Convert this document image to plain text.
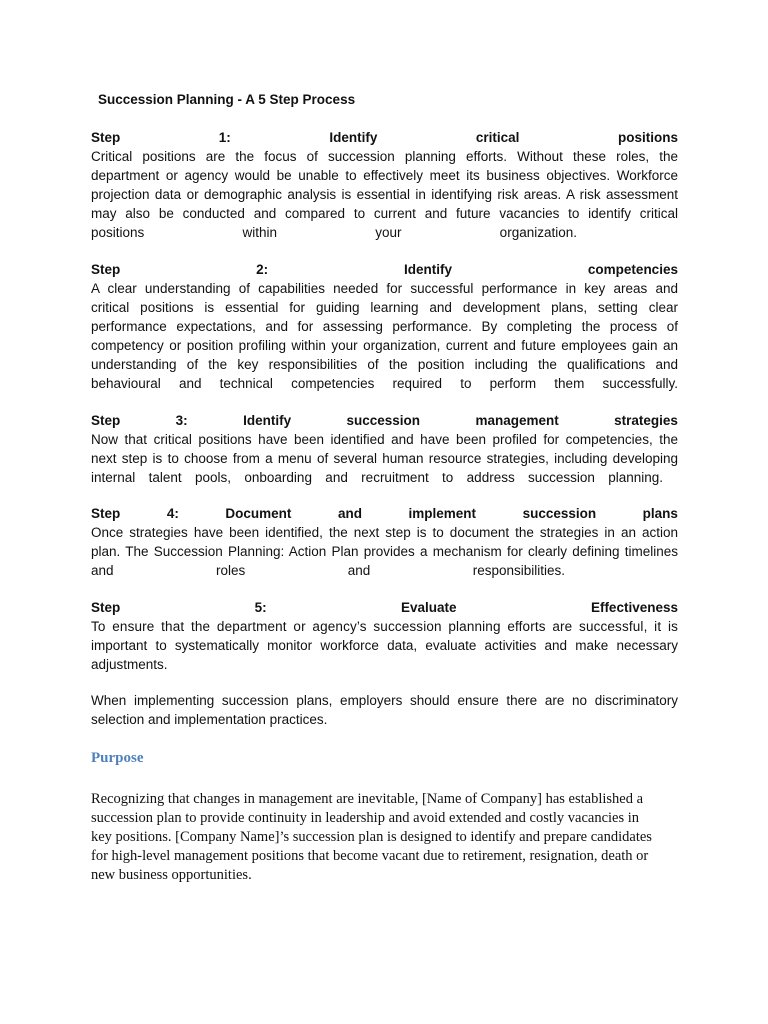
Succession Planning - A 5 Step Process
Step	1:	Identify	critical	positions

Critical positions are the focus of succession planning efforts. Without these roles, the

department or agency would be unable to effectively meet its business objectives. Workforce

projection data or demographic analysis is essential in identifying risk areas. A risk assessment

may also be conducted and compared to current and future vacancies to identify critical

positions within your organization.

Step	2:	Identify	competencies

A clear understanding of capabilities needed for successful performance in key areas and

critical positions is essential for guiding learning and development plans, setting clear

performance expectations, and for assessing performance. By completing the process of

competency or position profiling within your organization, current and future employees gain an

understanding of the key responsibilities of the position including the qualifications and

behavioural and technical competencies required to perform them successfully.

Step	3:	Identify	succession	management	strategies

Now that critical positions have been identified and have been profiled for competencies, the

next step is to choose from a menu of several human resource strategies, including developing

internal talent pools, onboarding and recruitment to address succession planning.

Step	4:	Document	and	implement	succession	plans

Once strategies have been identified, the next step is to document the strategies in an action

plan. The Succession Planning: Action Plan provides a mechanism for clearly defining timelines

and roles and responsibilities.

Step	5:	Evaluate	Effectiveness

To ensure that the department or agency’s succession planning efforts are successful, it is

important to systematically monitor workforce data, evaluate activities and make necessary

adjustments.

When implementing succession plans, employers should ensure there are no discriminatory

selection and implementation practices.

Purpose

Recognizing that changes in management are inevitable, [Name of Company] has established a

succession plan to provide continuity in leadership and avoid extended and costly vacancies in

key positions. [Company Name]’s succession plan is designed to identify and prepare candidates

for high-level management positions that become vacant due to retirement, resignation, death or

new business opportunities.
